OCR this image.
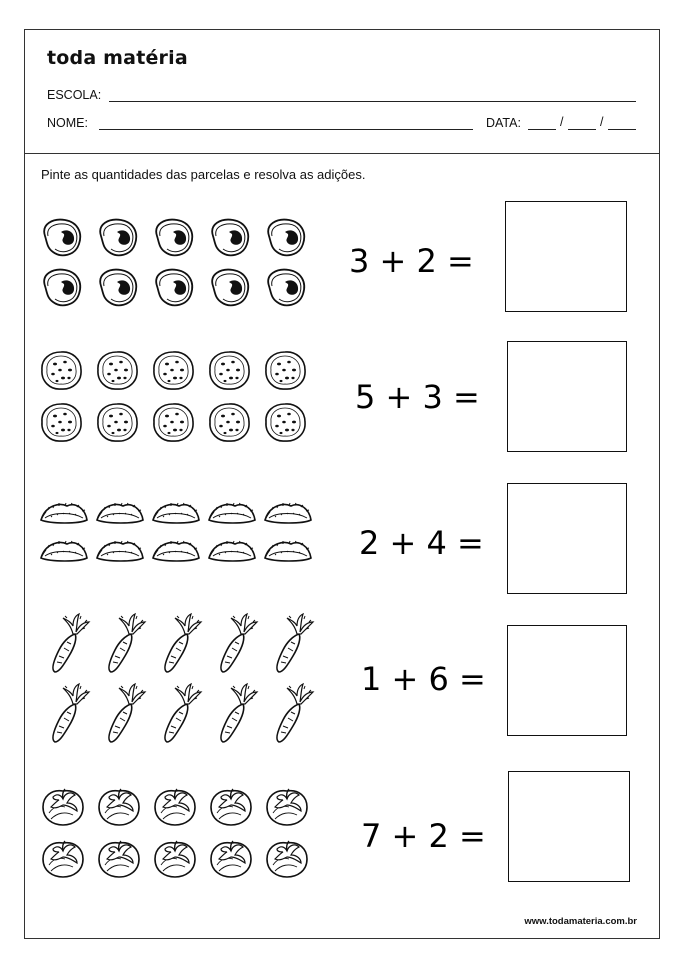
toda matéria
ESCOLA:
NOME:	DATA:	/	/
Pinte as quantidades das parcelas e resolva as adições.
3 + 2 =
5 + 3 =
2 + 4 =
1 + 6 =
7 + 2 =
www.todamateria.com.br
